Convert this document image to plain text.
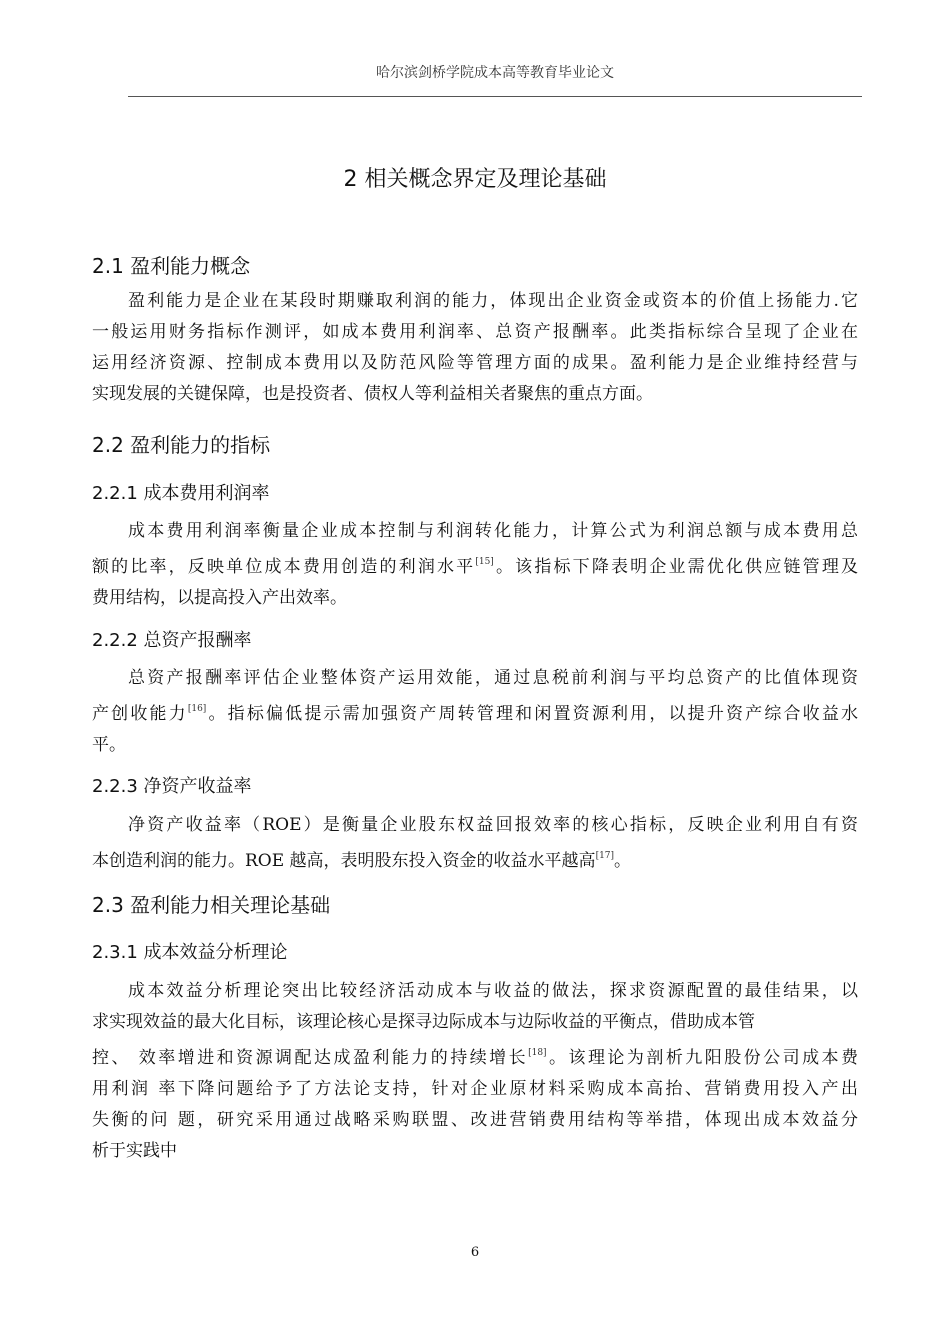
哈尔滨剑桥学院成本高等教育毕业论文
2 相关概念界定及理论基础
2.1 盈利能力概念
盈利能力是企业在某段时期赚取利润的能力，体现出企业资金或资本的价值上扬能力.它
一般运用财务指标作测评，如成本费用利润率、总资产报酬率。此类指标综合呈现了企业在
运用经济资源、控制成本费用以及防范风险等管理方面的成果。盈利能力是企业维持经营与
实现发展的关键保障，也是投资者、债权人等利益相关者聚焦的重点方面。
2.2 盈利能力的指标
2.2.1 成本费用利润率
成本费用利润率衡量企业成本控制与利润转化能力，计算公式为利润总额与成本费用总
额的比率，反映单位成本费用创造的利润水平[15]。该指标下降表明企业需优化供应链管理及
费用结构，以提高投入产出效率。
2.2.2 总资产报酬率
总资产报酬率评估企业整体资产运用效能，通过息税前利润与平均总资产的比值体现资
产创收能力[16]。指标偏低提示需加强资产周转管理和闲置资源利用，以提升资产综合收益水
平。
2.2.3 净资产收益率
净资产收益率（ROE）是衡量企业股东权益回报效率的核心指标，反映企业利用自有资
本创造利润的能力。ROE 越高，表明股东投入资金的收益水平越高[17]。
2.3 盈利能力相关理论基础
2.3.1 成本效益分析理论
成本效益分析理论突出比较经济活动成本与收益的做法，探求资源配置的最佳结果，以
求实现效益的最大化目标，该理论核心是探寻边际成本与边际收益的平衡点，借助成本管
控、 效率增进和资源调配达成盈利能力的持续增长[18]。该理论为剖析九阳股份公司成本费
用利润 率下降问题给予了方法论支持，针对企业原材料采购成本高抬、营销费用投入产出
失衡的问 题，研究采用通过战略采购联盟、改进营销费用结构等举措，体现出成本效益分
析于实践中
6
